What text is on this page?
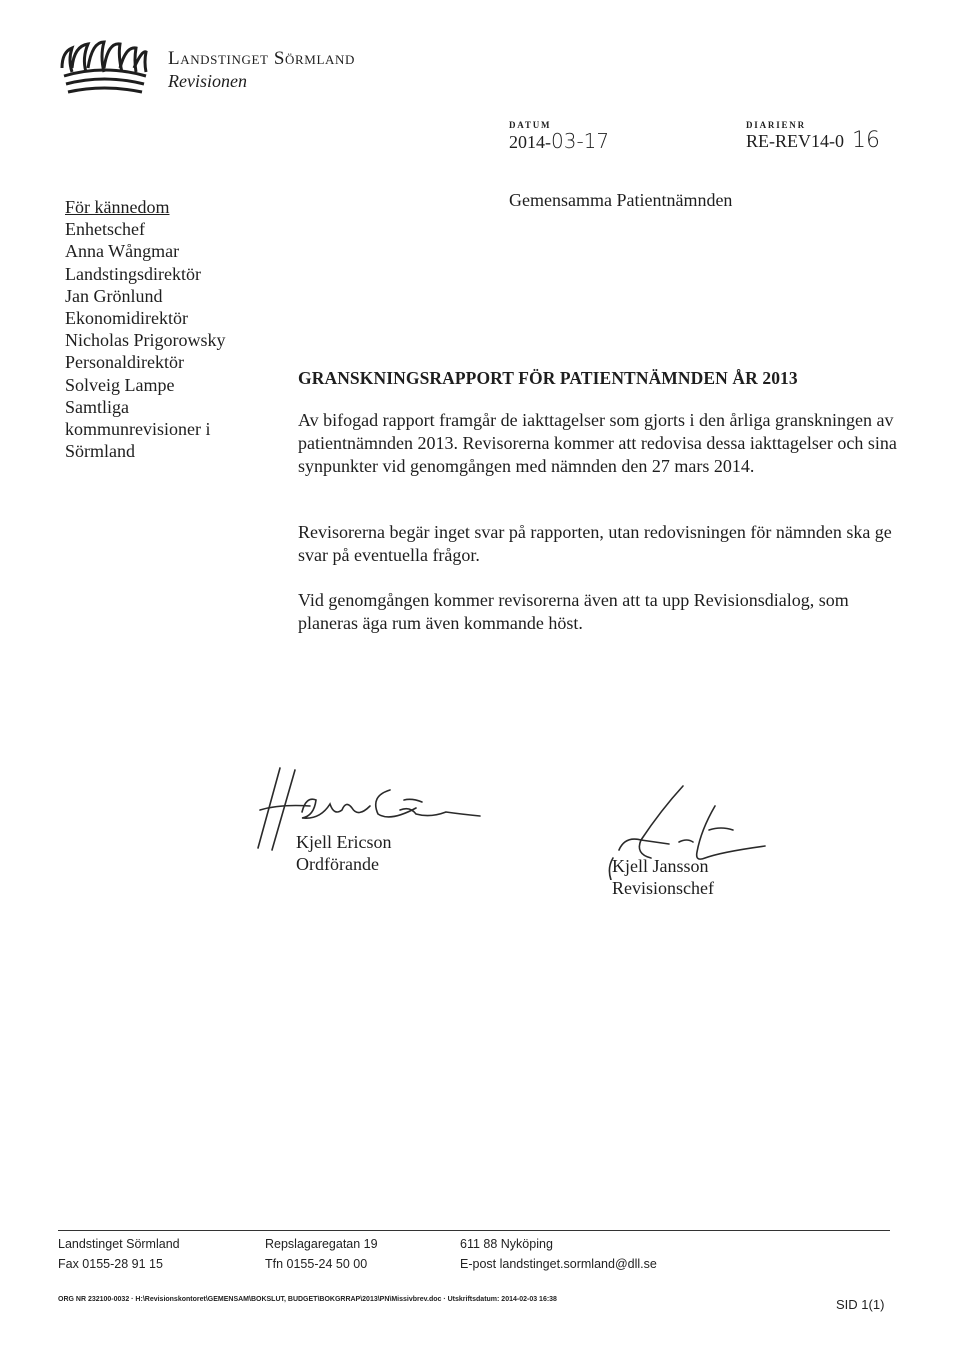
Landstinget Sörmland
Revisionen
DATUM
2014-03-17
DIARIENR
RE-REV14-0 16
För kännedom
Enhetschef
Anna Wångmar
Landstingsdirektör
Jan Grönlund
Ekonomidirektör
Nicholas Prigorowsky
Personaldirektör
Solveig Lampe
Samtliga
kommunrevisioner i
Sörmland
Gemensamma Patientnämnden
GRANSKNINGSRAPPORT FÖR PATIENTNÄMNDEN ÅR 2013
Av bifogad rapport framgår de iakttagelser som gjorts i den årliga granskningen av patientnämnden 2013. Revisorerna kommer att redovisa dessa iakttagelser och sina synpunkter vid genomgången med nämnden den 27 mars 2014.
Revisorerna begär inget svar på rapporten, utan redovisningen för nämnden ska ge svar på eventuella frågor.
Vid genomgången kommer revisorerna även att ta upp Revisionsdialog, som planeras äga rum även kommande höst.
Kjell Ericson
Ordförande	Kjell Jansson
Revisionschef
Landstinget Sörmland
Fax 0155-28 91 15
Repslagaregatan 19
Tfn 0155-24 50 00
611 88 Nyköping
E-post landstinget.sormland@dll.se
ORG NR 232100-0032 · H:\Revisionskontoret\GEMENSAM\BOKSLUT, BUDGET\BOKGRRAP\2013\PN\Missivbrev.doc · Utskriftsdatum: 2014-02-03 16:38	SID 1(1)
